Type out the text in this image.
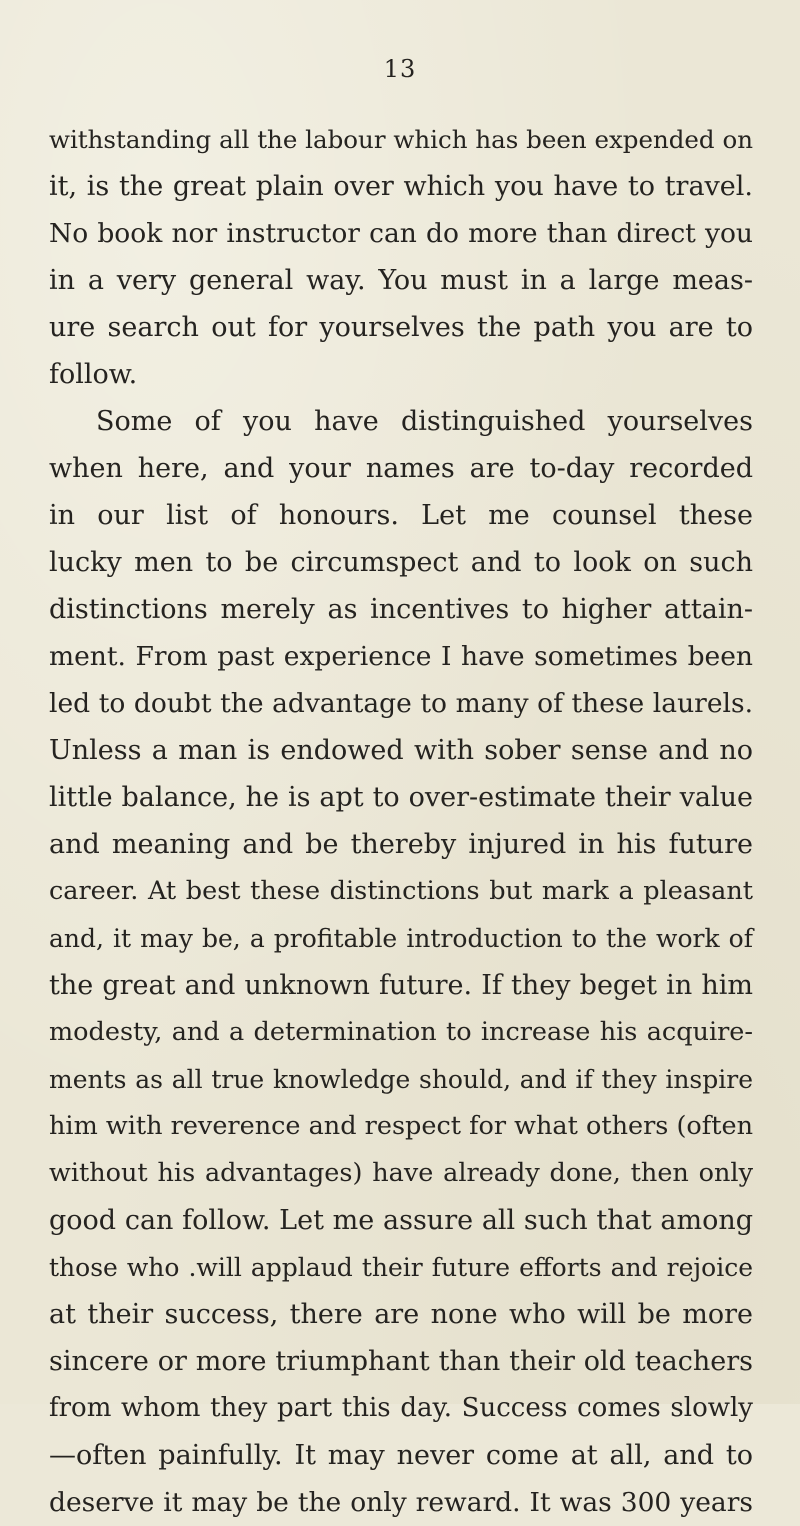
13
withstanding all the labour which has been expended on
it, is the great plain over which you have to travel.
No book nor instructor can do more than direct you
in a very general way. You must in a large meas-
ure search out for yourselves the path you are to
follow.
Some of you have distinguished yourselves
when here, and your names are to-day recorded
in our list of honours. Let me counsel these
lucky men to be circumspect and to look on such
distinctions merely as incentives to higher attain-
ment. From past experience I have sometimes been
led to doubt the advantage to many of these laurels.
Unless a man is endowed with sober sense and no
little balance, he is apt to over-estimate their value
and meaning and be thereby injured in his future
career. At best these distinctions but mark a pleasant
and, it may be, a profitable introduction to the work of
the great and unknown future. If they beget in him
modesty, and a determination to increase his acquire-
ments as all true knowledge should, and if they inspire
him with reverence and respect for what others (often
without his advantages) have already done, then only
good can follow. Let me assure all such that among
those who .will applaud their future efforts and rejoice
at their success, there are none who will be more
sincere or more triumphant than their old teachers
from whom they part this day. Success comes slowly
—often painfully. It may never come at all, and to
deserve it may be the only reward. It was 300 years
